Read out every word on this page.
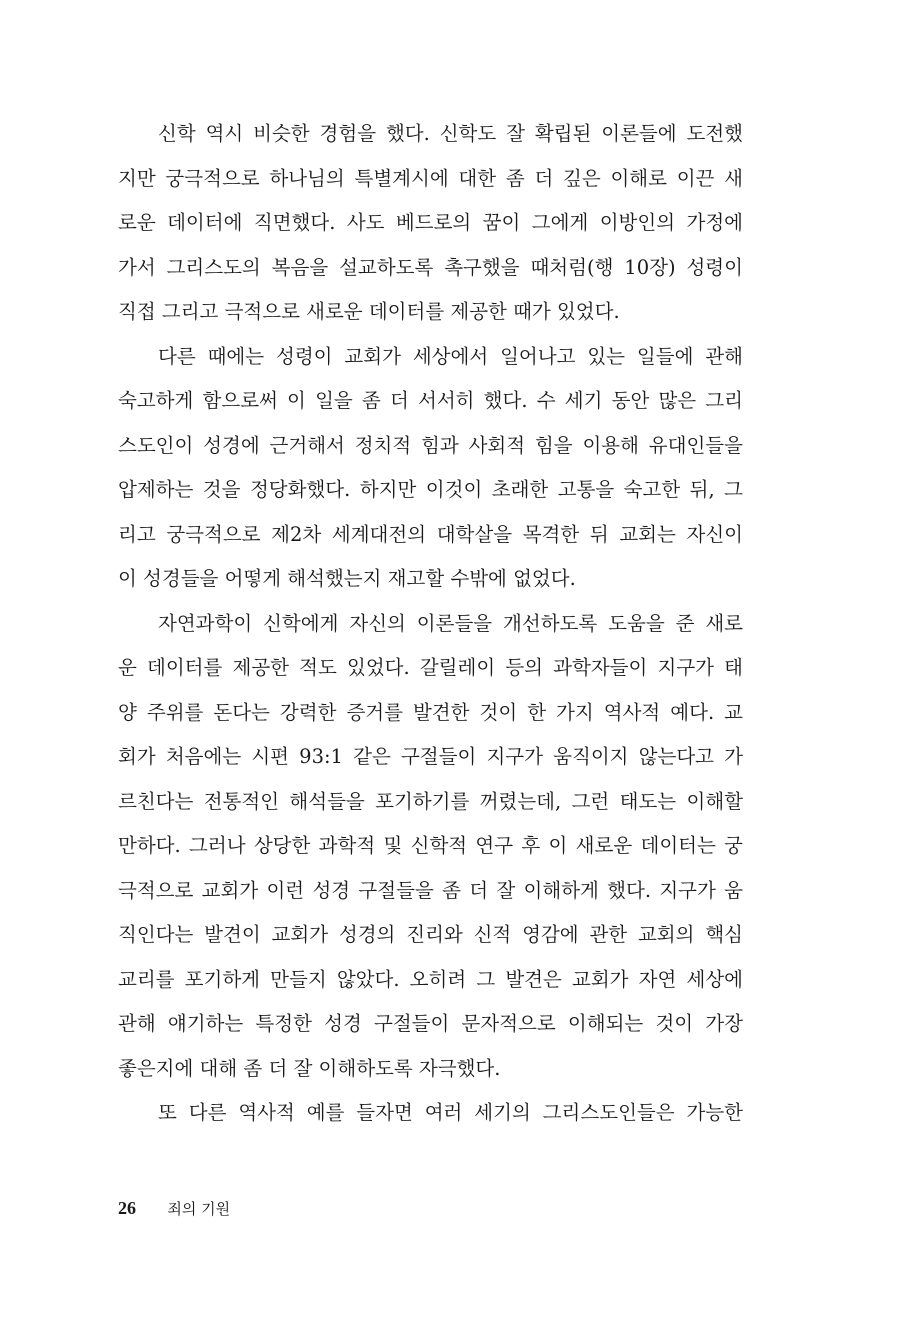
신학 역시 비슷한 경험을 했다. 신학도 잘 확립된 이론들에 도전했
지만 궁극적으로 하나님의 특별계시에 대한 좀 더 깊은 이해로 이끈 새
로운 데이터에 직면했다. 사도 베드로의 꿈이 그에게 이방인의 가정에
가서 그리스도의 복음을 설교하도록 촉구했을 때처럼(행 10장) 성령이
직접 그리고 극적으로 새로운 데이터를 제공한 때가 있었다.
다른 때에는 성령이 교회가 세상에서 일어나고 있는 일들에 관해
숙고하게 함으로써 이 일을 좀 더 서서히 했다. 수 세기 동안 많은 그리
스도인이 성경에 근거해서 정치적 힘과 사회적 힘을 이용해 유대인들을
압제하는 것을 정당화했다. 하지만 이것이 초래한 고통을 숙고한 뒤, 그
리고 궁극적으로 제2차 세계대전의 대학살을 목격한 뒤 교회는 자신이
이 성경들을 어떻게 해석했는지 재고할 수밖에 없었다.
자연과학이 신학에게 자신의 이론들을 개선하도록 도움을 준 새로
운 데이터를 제공한 적도 있었다. 갈릴레이 등의 과학자들이 지구가 태
양 주위를 돈다는 강력한 증거를 발견한 것이 한 가지 역사적 예다. 교
회가 처음에는 시편 93:1 같은 구절들이 지구가 움직이지 않는다고 가
르친다는 전통적인 해석들을 포기하기를 꺼렸는데, 그런 태도는 이해할
만하다. 그러나 상당한 과학적 및 신학적 연구 후 이 새로운 데이터는 궁
극적으로 교회가 이런 성경 구절들을 좀 더 잘 이해하게 했다. 지구가 움
직인다는 발견이 교회가 성경의 진리와 신적 영감에 관한 교회의 핵심
교리를 포기하게 만들지 않았다. 오히려 그 발견은 교회가 자연 세상에
관해 얘기하는 특정한 성경 구절들이 문자적으로 이해되는 것이 가장
좋은지에 대해 좀 더 잘 이해하도록 자극했다.
또 다른 역사적 예를 들자면 여러 세기의 그리스도인들은 가능한
26 죄의 기원
